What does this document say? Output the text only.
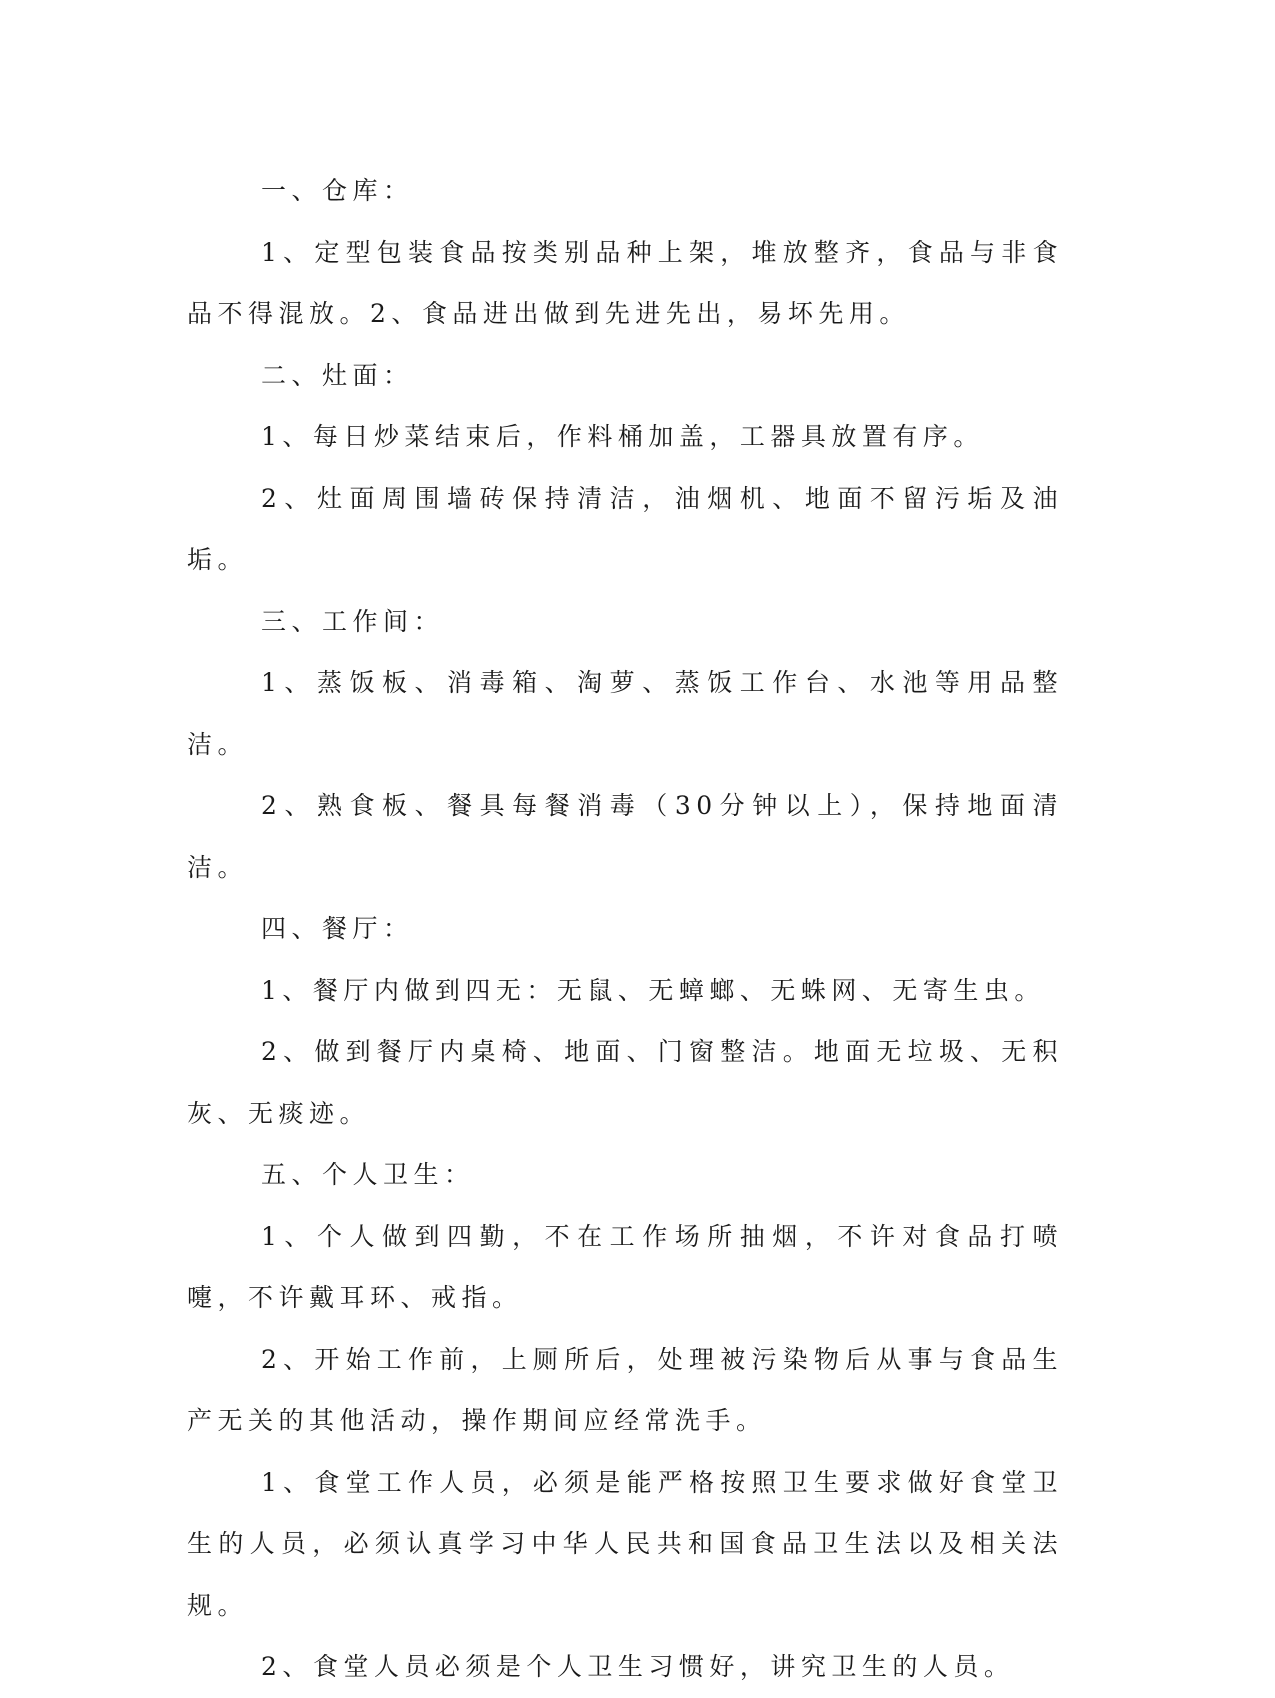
一、仓库：

1、定型包装食品按类别品种上架，堆放整齐，食品与非食品不得混放。2、食品进出做到先进先出，易坏先用。

二、灶面：

1、每日炒菜结束后，作料桶加盖，工器具放置有序。

2、灶面周围墙砖保持清洁，油烟机、地面不留污垢及油垢。

三、工作间：

1、蒸饭板、消毒箱、淘萝、蒸饭工作台、水池等用品整洁。

2、熟食板、餐具每餐消毒（30分钟以上），保持地面清洁。

四、餐厅：

1、餐厅内做到四无：无鼠、无蟑螂、无蛛网、无寄生虫。

2、做到餐厅内桌椅、地面、门窗整洁。地面无垃圾、无积灰、无痰迹。

五、个人卫生：

1、个人做到四勤，不在工作场所抽烟，不许对食品打喷嚏，不许戴耳环、戒指。

2、开始工作前，上厕所后，处理被污染物后从事与食品生产无关的其他活动，操作期间应经常洗手。

1、食堂工作人员，必须是能严格按照卫生要求做好食堂卫生的人员，必须认真学习中华人民共和国食品卫生法以及相关法规。

2、食堂人员必须是个人卫生习惯好，讲究卫生的人员。
